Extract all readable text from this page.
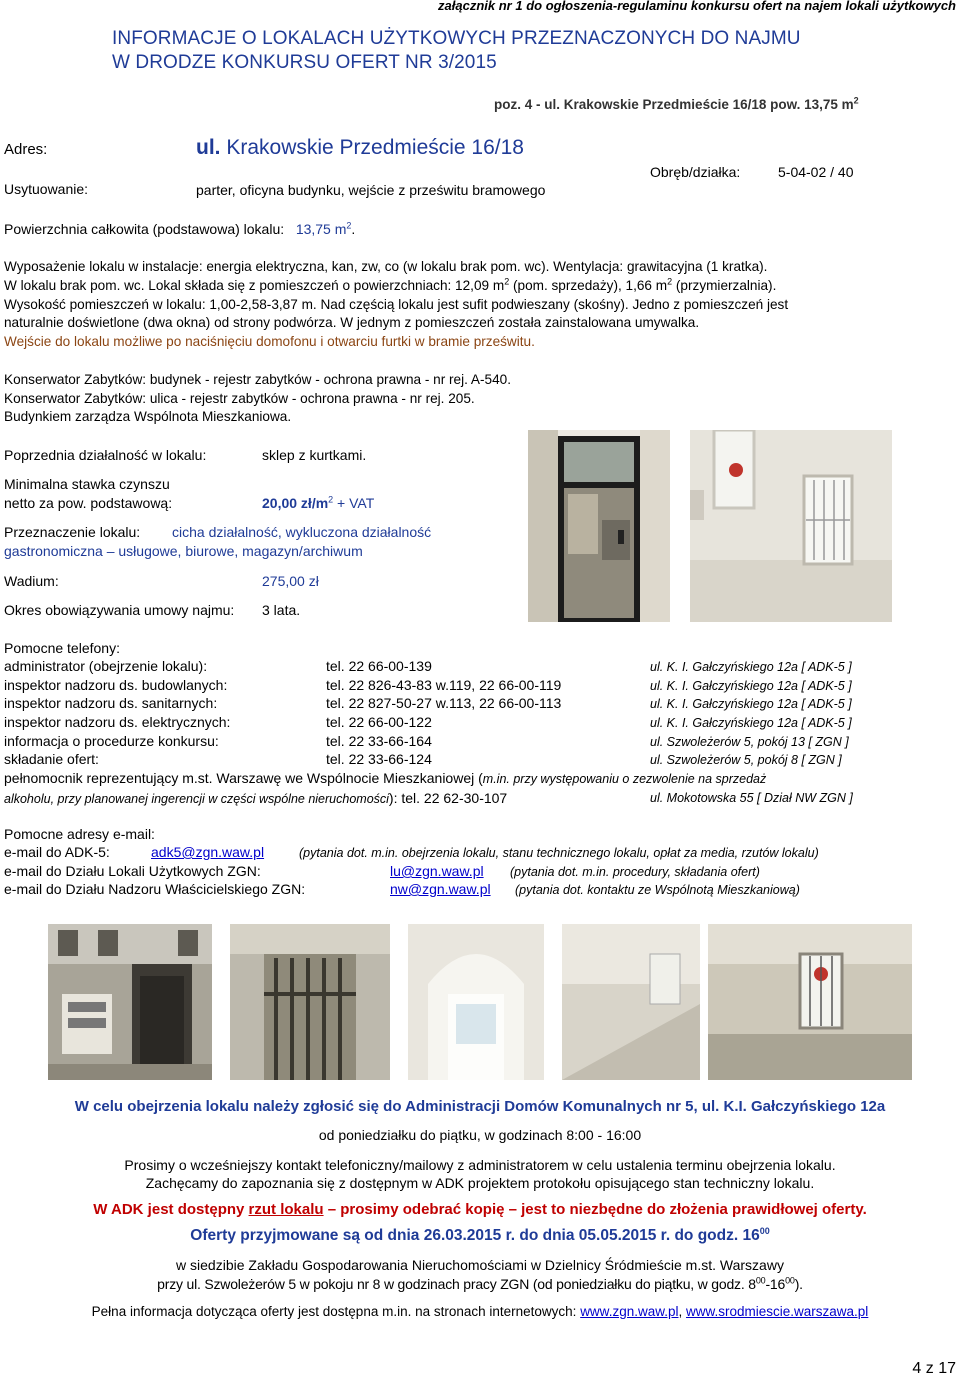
załącznik nr 1 do ogłoszenia-regulaminu konkursu ofert na najem lokali użytkowych
INFORMACJE O LOKALACH UŻYTKOWYCH PRZEZNACZONYCH DO NAJMU
W DRODZE KONKURSU OFERT NR 3/2015
poz. 4 - ul. Krakowskie Przedmieście 16/18 pow. 13,75 $m^2$
Adres:	ul. Krakowskie Przedmieście 16/18
Usytuowanie:	parter, oficyna budynku, wejście z prześwitu bramowego
Obręb/działka:	5-04-02 / 40
Powierzchnia całkowita (podstawowa) lokalu: 13,75 $m^2$.
Wyposażenie lokalu w instalacje: energia elektryczna, kan, zw, co (w lokalu brak pom. wc). Wentylacja: grawitacyjna (1 kratka).
W lokalu brak pom. wc. Lokal składa się z pomieszczeń o powierzchniach: 12,09 $m^2$ (pom. sprzedaży), 1,66 $m^2$ (przymierzalnia).
Wysokość pomieszczeń w lokalu: 1,00-2,58-3,87 m. Nad częścią lokalu jest sufit podwieszany (skośny). Jedno z pomieszczeń jest
naturalnie doświetlone (dwa okna) od strony podwórza. W jednym z pomieszczeń została zainstalowana umywalka.
Wejście do lokalu możliwe po naciśnięciu domofonu i otwarciu furtki w bramie prześwitu.
Konserwator Zabytków: budynek - rejestr zabytków - ochrona prawna - nr rej. A-540.
Konserwator Zabytków: ulica - rejestr zabytków - ochrona prawna - nr rej. 205.
Budynkiem zarządza Wspólnota Mieszkaniowa.
Poprzednia działalność w lokalu:	sklep z kurtkami.
Minimalna stawka czynszu
netto za pow. podstawową:	20,00 $zł/m^2$ + VAT
Przeznaczenie lokalu: cicha działalność, wykluczona działalność
gastronomiczna – usługowe, biurowe, magazyn/archiwum
Wadium:	275,00 zł
Okres obowiązywania umowy najmu: 3 lata.
Pomocne telefony:
administrator (obejrzenie lokalu):	tel. 22 66-00-139	ul. K. I. Gałczyńskiego 12a [ ADK-5 ]
inspektor nadzoru ds. budowlanych:	tel. 22 826-43-83 w.119, 22 66-00-119	ul. K. I. Gałczyńskiego 12a [ ADK-5 ]
inspektor nadzoru ds. sanitarnych:	tel. 22 827-50-27 w.113, 22 66-00-113	ul. K. I. Gałczyńskiego 12a [ ADK-5 ]
inspektor nadzoru ds. elektrycznych:	tel. 22 66-00-122	ul. K. I. Gałczyńskiego 12a [ ADK-5 ]
informacja o procedurze konkursu:	tel. 22 33-66-164	ul. Szwoleżerów 5, pokój 13 [ ZGN ]
składanie ofert:	tel. 22 33-66-124	ul. Szwoleżerów 5, pokój 8 [ ZGN ]
pełnomocnik reprezentujący m.st. Warszawę we Wspólnocie Mieszkaniowej (m.in. przy występowaniu o zezwolenie na sprzedaż
alkoholu, przy planowanej ingerencji w części wspólne nieruchomości): tel. 22 62-30-107	ul. Mokotowska 55 [ Dział NW ZGN ]
Pomocne adresy e-mail:
e-mail do ADK-5:	adk5@zgn.waw.pl	(pytania dot. m.in. obejrzenia lokalu, stanu technicznego lokalu, opłat za media, rzutów lokalu)
e-mail do Działu Lokali Użytkowych ZGN:	lu@zgn.waw.pl (pytania dot. m.in. procedury, składania ofert)
e-mail do Działu Nadzoru Właścicielskiego ZGN:	nw@zgn.waw.pl (pytania dot. kontaktu ze Wspólnotą Mieszkaniową)
W celu obejrzenia lokalu należy zgłosić się do Administracji Domów Komunalnych nr 5, ul. K.I. Gałczyńskiego 12a
od poniedziałku do piątku, w godzinach 8:00 - 16:00
Prosimy o wcześniejszy kontakt telefoniczny/mailowy z administratorem w celu ustalenia terminu obejrzenia lokalu.
Zachęcamy do zapoznania się z dostępnym w ADK projektem protokołu opisującego stan techniczny lokalu.
W ADK jest dostępny rzut lokalu – prosimy odebrać kopię – jest to niezbędne do złożenia prawidłowej oferty.
Oferty przyjmowane są od dnia 26.03.2015 r. do dnia 05.05.2015 r. do godz. $16^{00}$
w siedzibie Zakładu Gospodarowania Nieruchomościami w Dzielnicy Śródmieście m.st. Warszawy
przy ul. Szwoleżerów 5 w pokoju nr 8 w godzinach pracy ZGN (od poniedziałku do piątku, w godz. $8^{00}-16^{00}$).
Pełna informacja dotycząca oferty jest dostępna m.in. na stronach internetowych: www.zgn.waw.pl, www.srodmiescie.warszawa.pl
4 z 17
